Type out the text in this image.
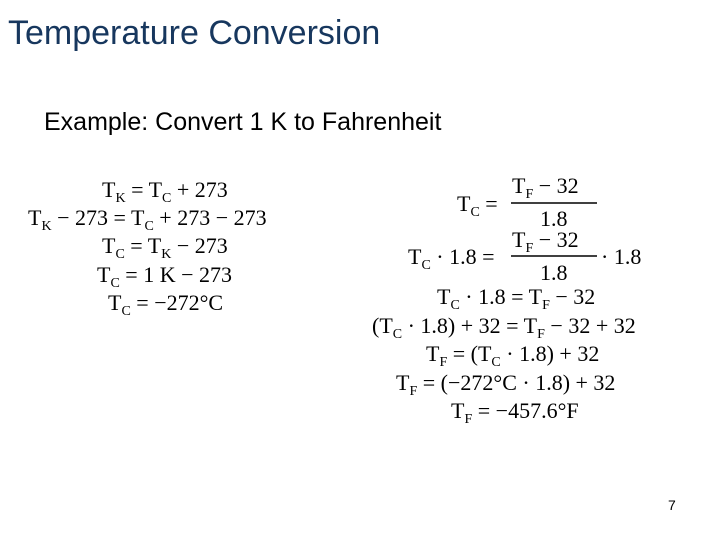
Temperature Conversion
Example: Convert 1 K to Fahrenheit
$T_K = T_C + 273$
$T_K - 273 = T_C + 273 - 273$
$T_C = T_K - 273$
$T_C = 1$ K − 273
$T_C = -272^\circ C$
$T_C$ =
$T_F - 32$
1.8
$T_C \cdot 1.8$ =
$T_F - 32$
1.8
· 1.8
$T_C \cdot 1.8 = T_F - 32$
$(T_C \cdot 1.8) + 32 = T_F - 32 + 32$
$T_F = (T_C \cdot 1.8) + 32$
$T_F = (-272^\circ C \cdot 1.8) + 32$
$T_F = -457.6^\circ F$
7
